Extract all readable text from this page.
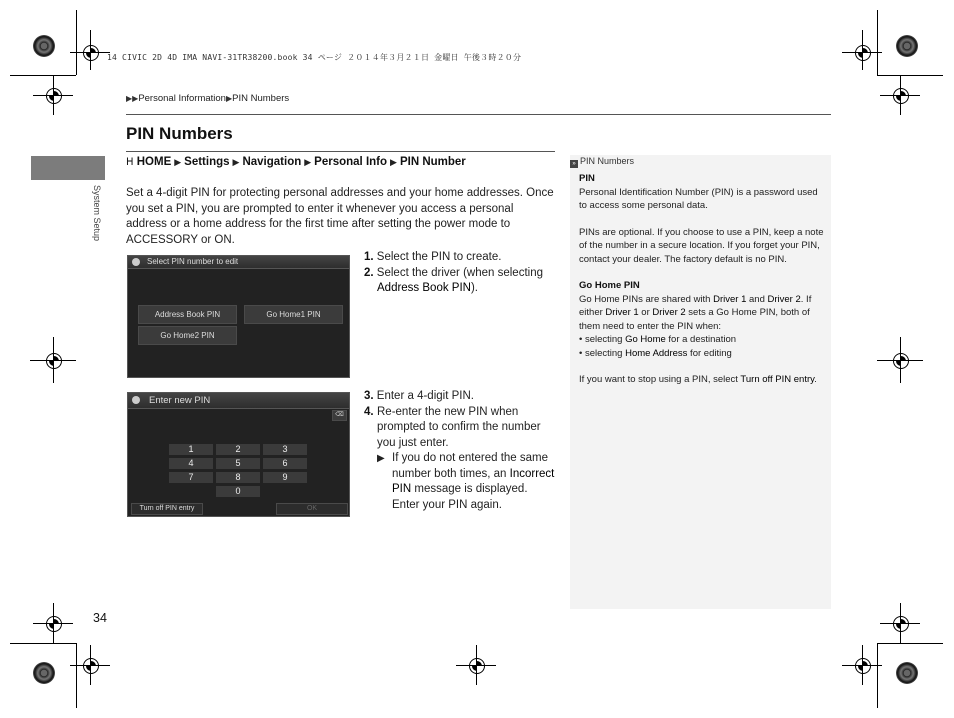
14 CIVIC 2D 4D IMA NAVI-31TR38200.book 34 ページ ２０１４年３月２１日 金曜日 午後３時２０分
▶▶Personal Information▶PIN Numbers
System Setup
PIN Numbers
ᕼ HOME ▶ Settings ▶ Navigation ▶ Personal Info ▶ PIN Number
Set a 4-digit PIN for protecting personal addresses and your home addresses. Once you set a PIN, you are prompted to enter it whenever you access a personal address or a home address for the first time after setting the power mode to ACCESSORY or ON.
Select PIN number to edit
Address Book PIN	Go Home1 PIN
Go Home2 PIN
1. Select the PIN to create.
2. Select the driver (when selecting
Address Book PIN).
Enter new PIN
⌫
1	2	3
4	5	6
7	8	9
0
Turn off PIN entry	OK
3. Enter a 4-digit PIN.
4. Re-enter the new PIN when prompted to confirm the number you just enter.
▶ If you do not entered the same number both times, an Incorrect PIN message is displayed. Enter your PIN again.
» PIN Numbers
PIN

Personal Identification Number (PIN) is a password used to access some personal data.

PINs are optional. If you choose to use a PIN, keep a note of the number in a secure location. If you forget your PIN, contact your dealer. The factory default is no PIN.

Go Home PIN
Go Home PINs are shared with Driver 1 and Driver 2. If either Driver 1 or Driver 2 sets a Go Home PIN, both of them need to enter the PIN when:
• selecting Go Home for a destination

• selecting Home Address for editing

If you want to stop using a PIN, select Turn off PIN entry.

34
